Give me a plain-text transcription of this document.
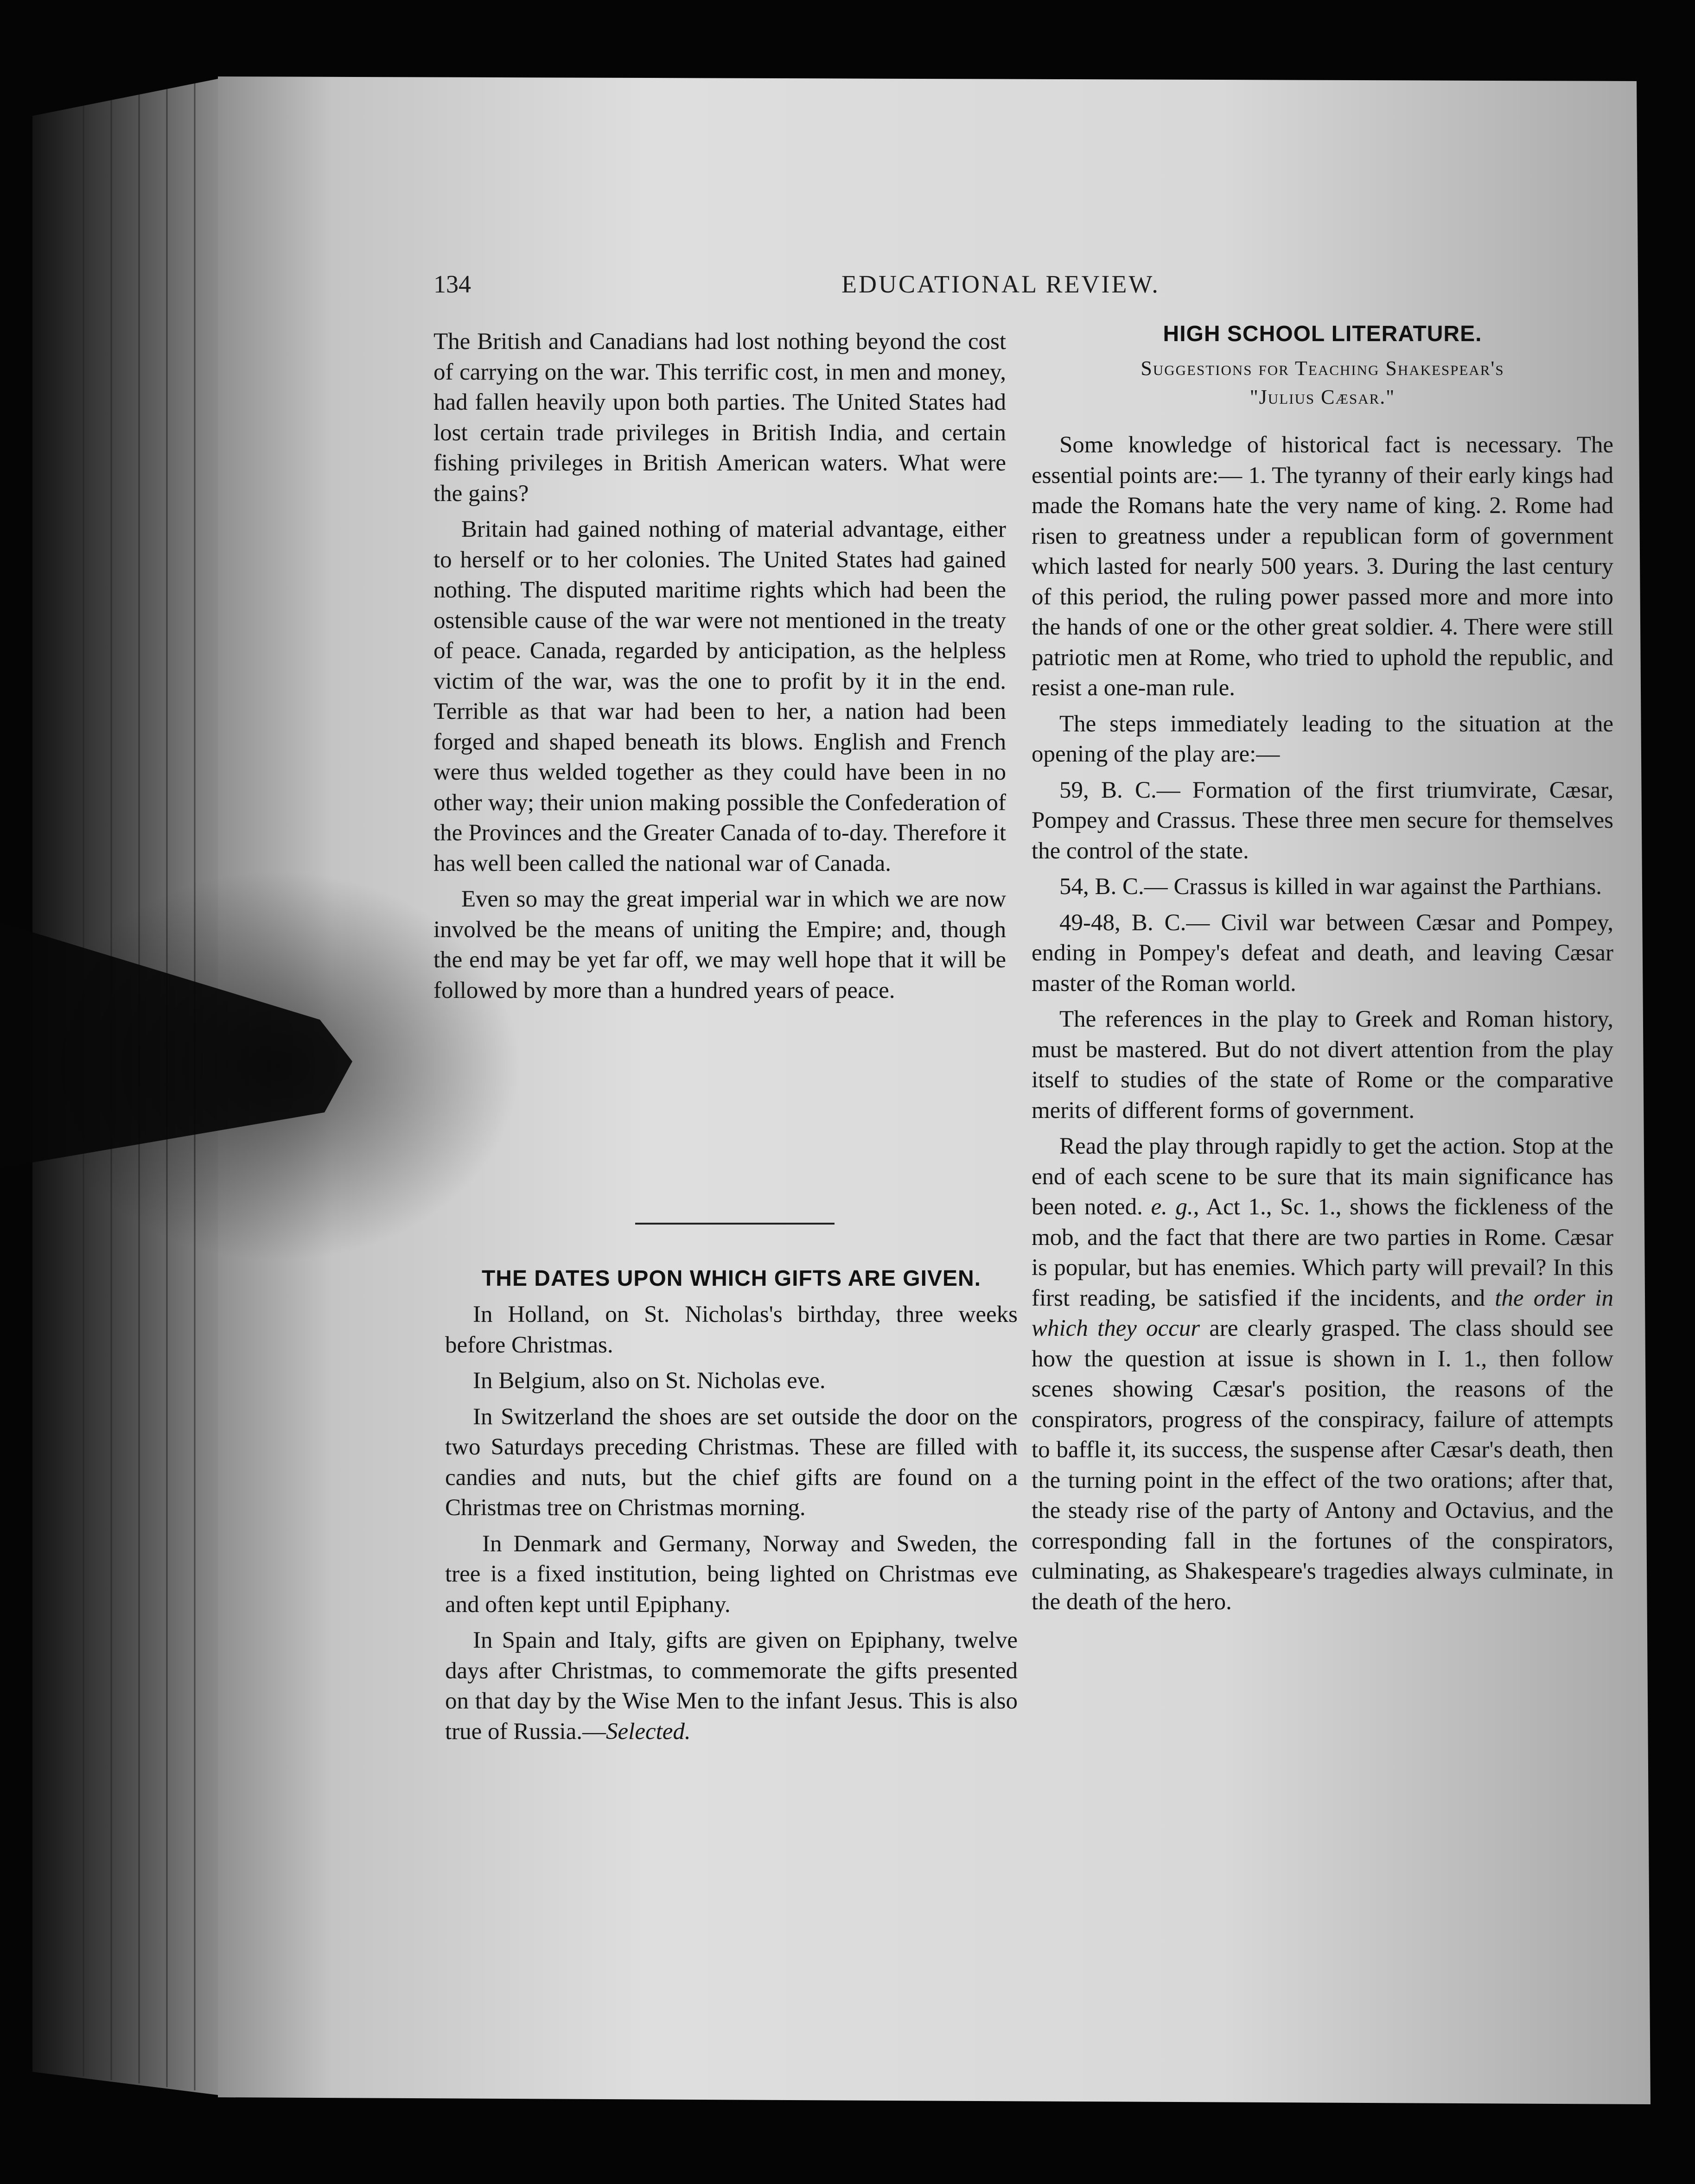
134	EDUCATIONAL REVIEW.

The British and Canadians had lost nothing beyond the cost of carrying on the war. This terrific cost, in men and money, had fallen heavily upon both parties. The United States had lost certain trade privileges in British India, and certain fishing privileges in British American waters. What were the gains?

Britain had gained nothing of material advantage, either to herself or to her colonies. The United States had gained nothing. The disputed maritime rights which had been the ostensible cause of the war were not mentioned in the treaty of peace. Canada, regarded by anticipation, as the helpless victim of the war, was the one to profit by it in the end. Terrible as that war had been to her, a nation had been forged and shaped beneath its blows. English and French were thus welded together as they could have been in no other way; their union making possible the Confederation of the Provinces and the Greater Canada of to-day. Therefore it has well been called the national war of Canada.

Even so may the great imperial war in which we are now involved be the means of uniting the Empire; and, though the end may be yet far off, we may well hope that it will be followed by more than a hundred years of peace.

THE DATES UPON WHICH GIFTS ARE GIVEN.

In Holland, on St. Nicholas's birthday, three weeks before Christmas.

In Belgium, also on St. Nicholas eve.

In Switzerland the shoes are set outside the door on the two Saturdays preceding Christmas. These are filled with candies and nuts, but the chief gifts are found on a Christmas tree on Christmas morning.

In Denmark and Germany, Norway and Sweden, the tree is a fixed institution, being lighted on Christmas eve and often kept until Epiphany.

In Spain and Italy, gifts are given on Epiphany, twelve days after Christmas, to commemorate the gifts presented on that day by the Wise Men to the infant Jesus. This is also true of Russia.—Selected.

HIGH SCHOOL LITERATURE.
Suggestions for Teaching Shakespear's
"Julius Cæsar."

Some knowledge of historical fact is necessary. The essential points are:— 1. The tyranny of their early kings had made the Romans hate the very name of king. 2. Rome had risen to greatness under a republican form of government which lasted for nearly 500 years. 3. During the last century of this period, the ruling power passed more and more into the hands of one or the other great soldier. 4. There were still patriotic men at Rome, who tried to uphold the republic, and resist a one-man rule.

The steps immediately leading to the situation at the opening of the play are:—

59, B. C.— Formation of the first triumvirate, Cæsar, Pompey and Crassus. These three men secure for themselves the control of the state.

54, B. C.— Crassus is killed in war against the Parthians.

49-48, B. C.— Civil war between Cæsar and Pompey, ending in Pompey's defeat and death, and leaving Cæsar master of the Roman world.

The references in the play to Greek and Roman history, must be mastered. But do not divert attention from the play itself to studies of the state of Rome or the comparative merits of different forms of government.

Read the play through rapidly to get the action. Stop at the end of each scene to be sure that its main significance has been noted. e. g., Act 1., Sc. 1., shows the fickleness of the mob, and the fact that there are two parties in Rome. Cæsar is popular, but has enemies. Which party will prevail? In this first reading, be satisfied if the incidents, and the order in which they occur are clearly grasped. The class should see how the question at issue is shown in I. 1., then follow scenes showing Cæsar's position, the reasons of the conspirators, progress of the conspiracy, failure of attempts to baffle it, its success, the suspense after Cæsar's death, then the turning point in the effect of the two orations; after that, the steady rise of the party of Antony and Octavius, and the corresponding fall in the fortunes of the conspirators, culminating, as Shakespeare's tragedies always culminate, in the death of the hero.
